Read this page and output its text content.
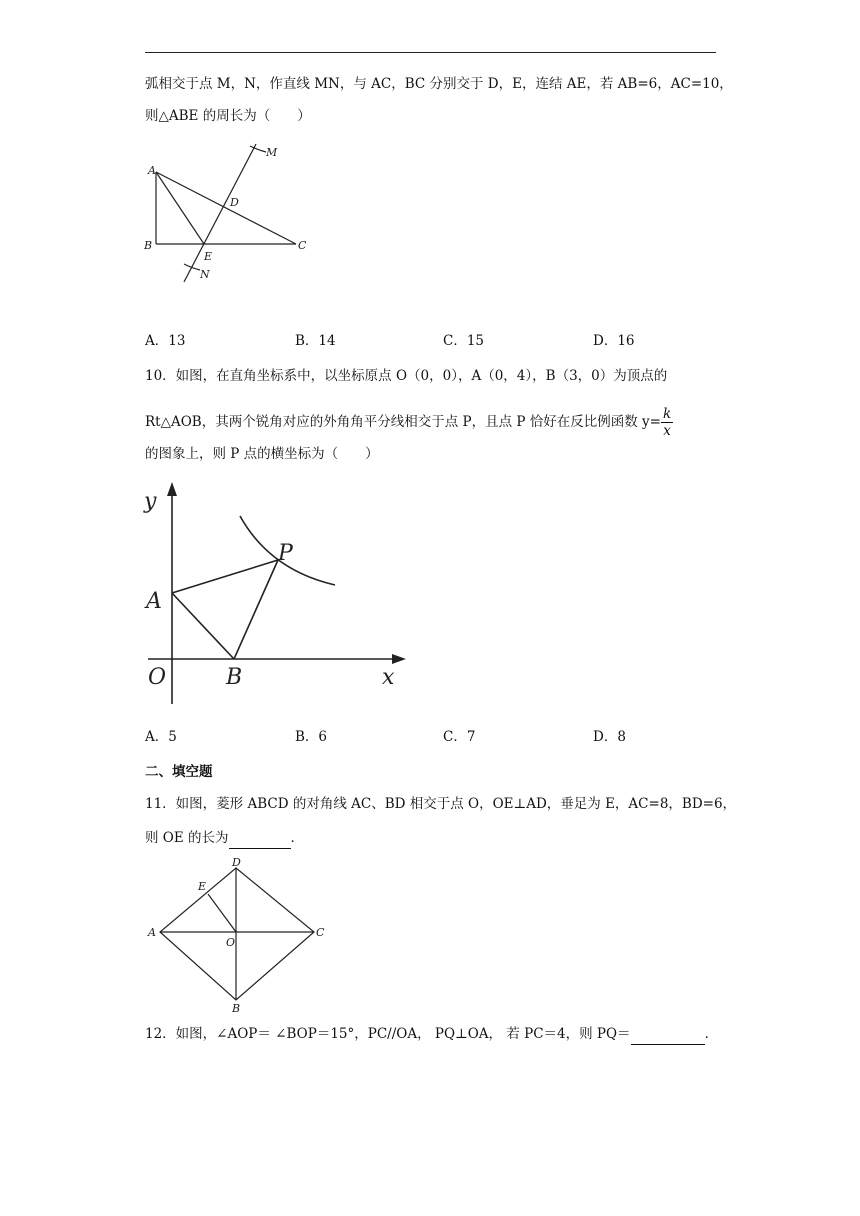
弧相交于点 M，N，作直线 MN，与 AC，BC 分别交于 D，E，连结 AE，若 AB=6，AC=10，
则△ABE 的周长为（　　）
A
B	C
D
E
M
N
A．13	B．14	C．15	D．16
10．如图，在直角坐标系中，以坐标原点 O（0，0），A（0，4），B（3，0）为顶点的
Rt△AOB，其两个锐角对应的外角角平分线相交于点 P，且点 P 恰好在反比例函数 $y= \frac{k}{x}$
的图象上，则 P 点的横坐标为（　　）
y
x
O
A
B
P
A．5	B．6	C．7	D．8
二、填空题
11．如图，菱形 ABCD 的对角线 AC、BD 相交于点 O，OE⊥AD，垂足为 E，AC=8，BD=6，
则 OE 的长为	．
D
E
A	C
O
B
12．如图，∠AOP＝ ∠BOP＝15°，PC//OA， PQ⊥OA， 若 PC＝4，则 PQ＝	．
